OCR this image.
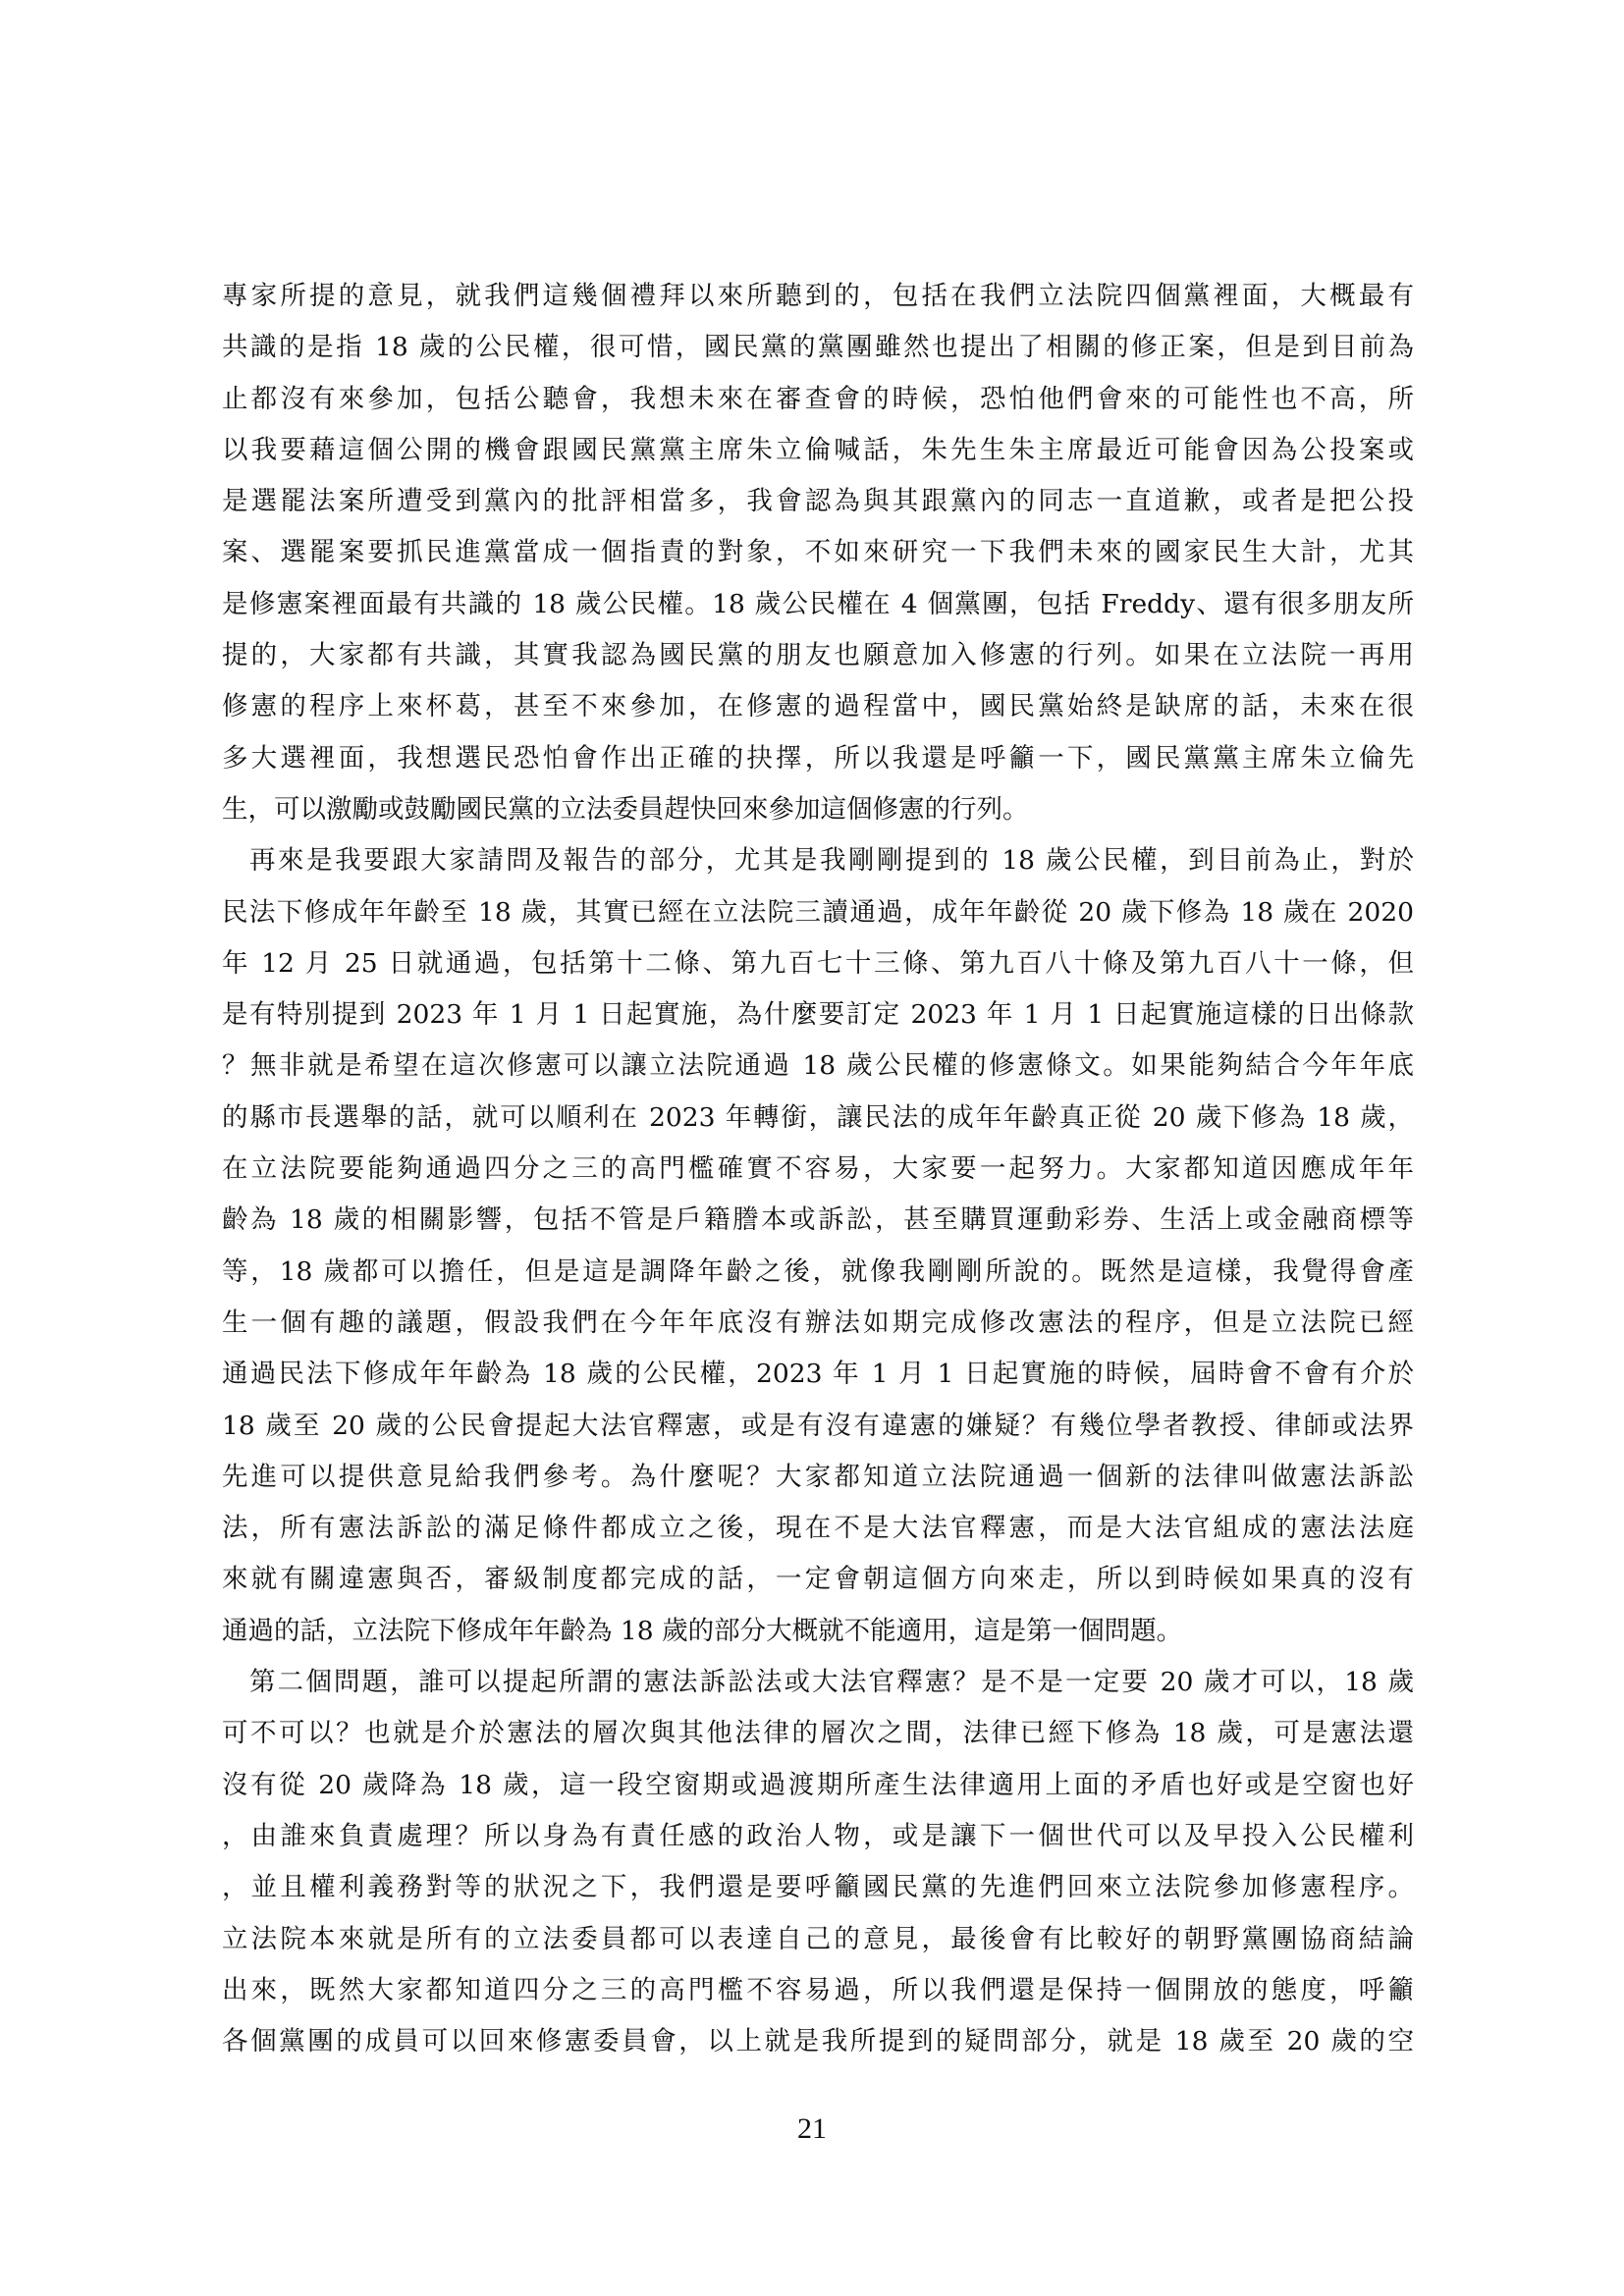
專家所提的意見，就我們這幾個禮拜以來所聽到的，包括在我們立法院四個黨裡面，大概最有
共識的是指 18 歲的公民權，很可惜，國民黨的黨團雖然也提出了相關的修正案，但是到目前為
止都沒有來參加，包括公聽會，我想未來在審查會的時候，恐怕他們會來的可能性也不高，所
以我要藉這個公開的機會跟國民黨黨主席朱立倫喊話，朱先生朱主席最近可能會因為公投案或
是選罷法案所遭受到黨內的批評相當多，我會認為與其跟黨內的同志一直道歉，或者是把公投
案、選罷案要抓民進黨當成一個指責的對象，不如來研究一下我們未來的國家民生大計，尤其
是修憲案裡面最有共識的 18 歲公民權。18 歲公民權在 4 個黨團，包括 Freddy、還有很多朋友所
提的，大家都有共識，其實我認為國民黨的朋友也願意加入修憲的行列。如果在立法院一再用
修憲的程序上來杯葛，甚至不來參加，在修憲的過程當中，國民黨始終是缺席的話，未來在很
多大選裡面，我想選民恐怕會作出正確的抉擇，所以我還是呼籲一下，國民黨黨主席朱立倫先
生，可以激勵或鼓勵國民黨的立法委員趕快回來參加這個修憲的行列。
再來是我要跟大家請問及報告的部分，尤其是我剛剛提到的 18 歲公民權，到目前為止，對於
民法下修成年年齡至 18 歲，其實已經在立法院三讀通過，成年年齡從 20 歲下修為 18 歲在 2020
年 12 月 25 日就通過，包括第十二條、第九百七十三條、第九百八十條及第九百八十一條，但
是有特別提到 2023 年 1 月 1 日起實施，為什麼要訂定 2023 年 1 月 1 日起實施這樣的日出條款
？無非就是希望在這次修憲可以讓立法院通過 18 歲公民權的修憲條文。如果能夠結合今年年底
的縣市長選舉的話，就可以順利在 2023 年轉銜，讓民法的成年年齡真正從 20 歲下修為 18 歲，
在立法院要能夠通過四分之三的高門檻確實不容易，大家要一起努力。大家都知道因應成年年
齡為 18 歲的相關影響，包括不管是戶籍謄本或訴訟，甚至購買運動彩券、生活上或金融商標等
等，18 歲都可以擔任，但是這是調降年齡之後，就像我剛剛所說的。既然是這樣，我覺得會產
生一個有趣的議題，假設我們在今年年底沒有辦法如期完成修改憲法的程序，但是立法院已經
通過民法下修成年年齡為 18 歲的公民權，2023 年 1 月 1 日起實施的時候，屆時會不會有介於
18 歲至 20 歲的公民會提起大法官釋憲，或是有沒有違憲的嫌疑？有幾位學者教授、律師或法界
先進可以提供意見給我們參考。為什麼呢？大家都知道立法院通過一個新的法律叫做憲法訴訟
法，所有憲法訴訟的滿足條件都成立之後，現在不是大法官釋憲，而是大法官組成的憲法法庭
來就有關違憲與否，審級制度都完成的話，一定會朝這個方向來走，所以到時候如果真的沒有
通過的話，立法院下修成年年齡為 18 歲的部分大概就不能適用，這是第一個問題。
第二個問題，誰可以提起所謂的憲法訴訟法或大法官釋憲？是不是一定要 20 歲才可以，18 歲
可不可以？也就是介於憲法的層次與其他法律的層次之間，法律已經下修為 18 歲，可是憲法還
沒有從 20 歲降為 18 歲，這一段空窗期或過渡期所產生法律適用上面的矛盾也好或是空窗也好
，由誰來負責處理？所以身為有責任感的政治人物，或是讓下一個世代可以及早投入公民權利
，並且權利義務對等的狀況之下，我們還是要呼籲國民黨的先進們回來立法院參加修憲程序。
立法院本來就是所有的立法委員都可以表達自己的意見，最後會有比較好的朝野黨團協商結論
出來，既然大家都知道四分之三的高門檻不容易過，所以我們還是保持一個開放的態度，呼籲
各個黨團的成員可以回來修憲委員會，以上就是我所提到的疑問部分，就是 18 歲至 20 歲的空
21
